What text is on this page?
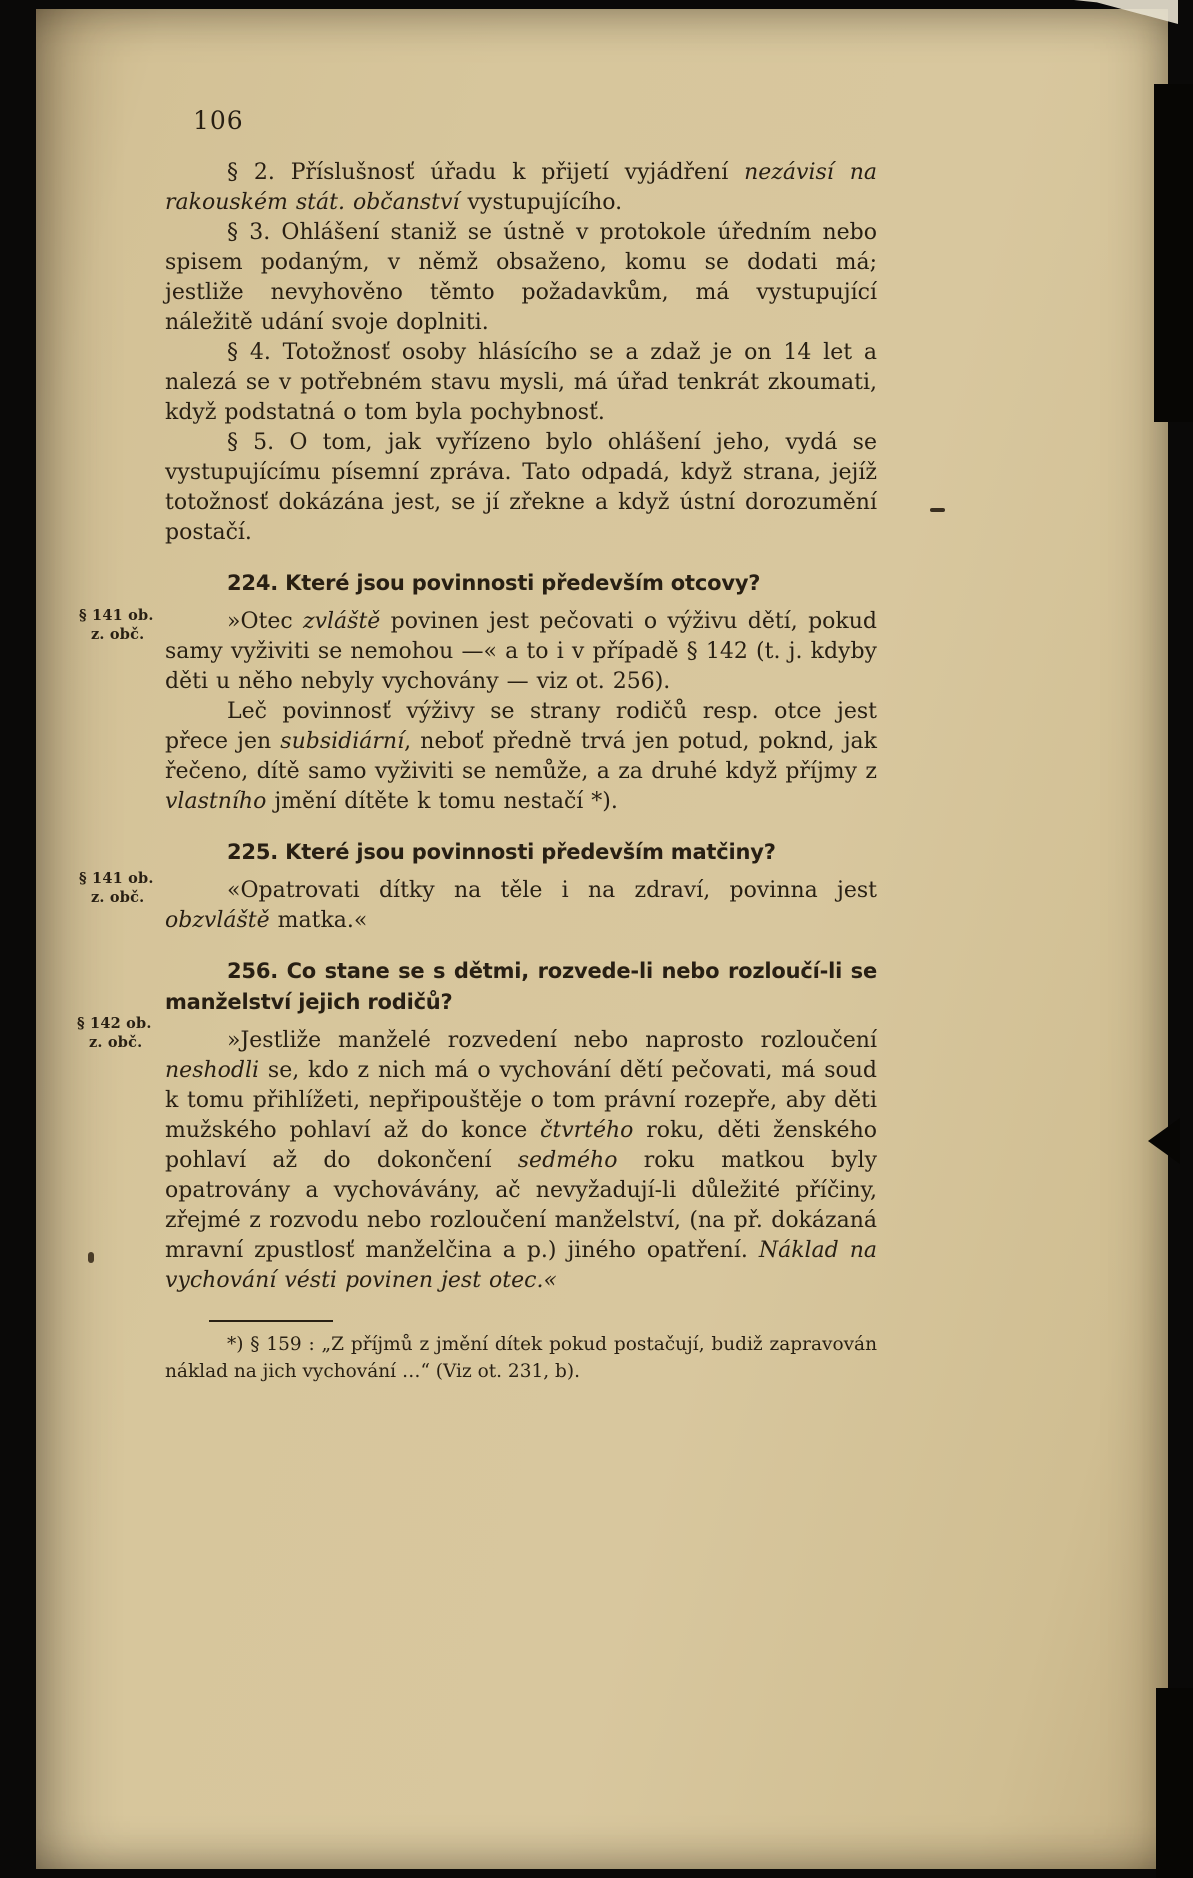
106

§ 2. Příslušnosť úřadu k přijetí vyjádření nezávisí na rakouském stát. občanství vystupujícího.

§ 3. Ohlášení staniž se ústně v protokole úředním nebo spisem podaným, v němž obsaženo, komu se dodati má; jestliže nevyhověno těmto požadavkům, má vystupující náležitě udání svoje doplniti.

§ 4. Totožnosť osoby hlásícího se a zdaž je on 14 let a nalezá se v potřebném stavu mysli, má úřad tenkrát zkoumati, když podstatná o tom byla pochybnosť.

§ 5. O tom, jak vyřízeno bylo ohlášení jeho, vydá se vystupujícímu písemní zpráva. Tato odpadá, když strana, jejíž totožnosť dokázána jest, se jí zřekne a když ústní dorozumění postačí.

224. Které jsou povinnosti především otcovy?
§ 141 ob.
z. obč.

»Otec zvláště povinen jest pečovati o výživu dětí, pokud samy vyživiti se nemohou —« a to i v případě § 142 (t. j. kdyby děti u něho nebyly vychovány — viz ot. 256).

Leč povinnosť výživy se strany rodičů resp. otce jest přece jen subsidiární, neboť předně trvá jen potud, poknd, jak řečeno, dítě samo vyživiti se nemůže, a za druhé když příjmy z vlastního jmění dítěte k tomu nestačí *).

225. Které jsou povinnosti především matčiny?
§ 141 ob.
z. obč.	«Opatrovati dítky na těle i na zdraví, povinna jest obzvláště matka.«

256. Co stane se s dětmi, rozvede-li nebo rozloučí-li se manželství jejich rodičů?
§ 142 ob.
z. obč.	»Jestliže manželé rozvedení nebo naprosto rozloučení neshodli se, kdo z nich má o vychování dětí pečovati, má soud k tomu přihlížeti, nepřipouštěje o tom právní rozepře, aby děti mužského pohlaví až do konce čtvrtého roku, děti ženského pohlaví až do dokončení sedmého roku matkou byly opatrovány a vychovávány, ač nevyžadují-li důležité příčiny, zřejmé z rozvodu nebo rozloučení manželství, (na př. dokázaná mravní zpustlosť manželčina a p.) jiného opatření. Náklad na vychování vésti povinen jest otec.«

*) § 159 : „Z příjmů z jmění dítek pokud postačují, budiž zapravován náklad na jich vychování …“ (Viz ot. 231, b).
